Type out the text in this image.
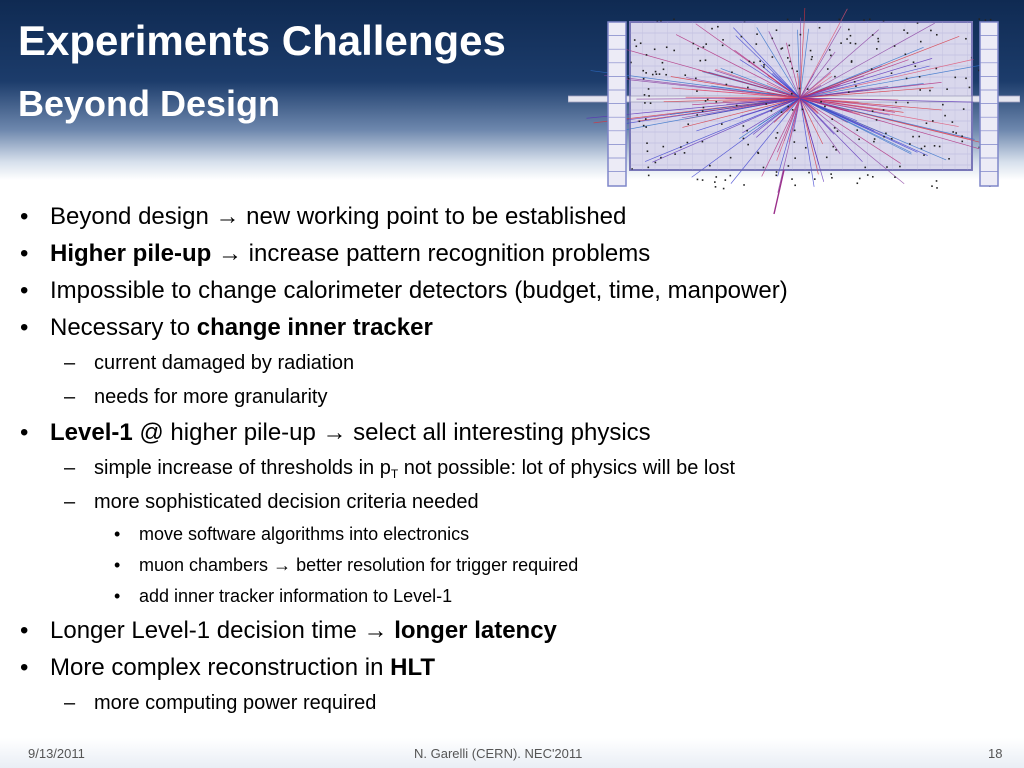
Experiments Challenges
Beyond Design
• Beyond design → new working point to be established
• Higher pile-up → increase pattern recognition problems
• Impossible to change calorimeter detectors (budget, time, manpower)
• Necessary to change inner tracker
– current damaged by radiation
– needs for more granularity
• Level-1 @ higher pile-up → select all interesting physics
– simple increase of thresholds in $p_T$ not possible: lot of physics will be lost
– more sophisticated decision criteria needed
• move software algorithms into electronics
• muon chambers → better resolution for trigger required
• add inner tracker information to Level-1
• Longer Level-1 decision time → longer latency
• More complex reconstruction in HLT
– more computing power required
9/13/2011	N. Garelli (CERN). NEC'2011	18
